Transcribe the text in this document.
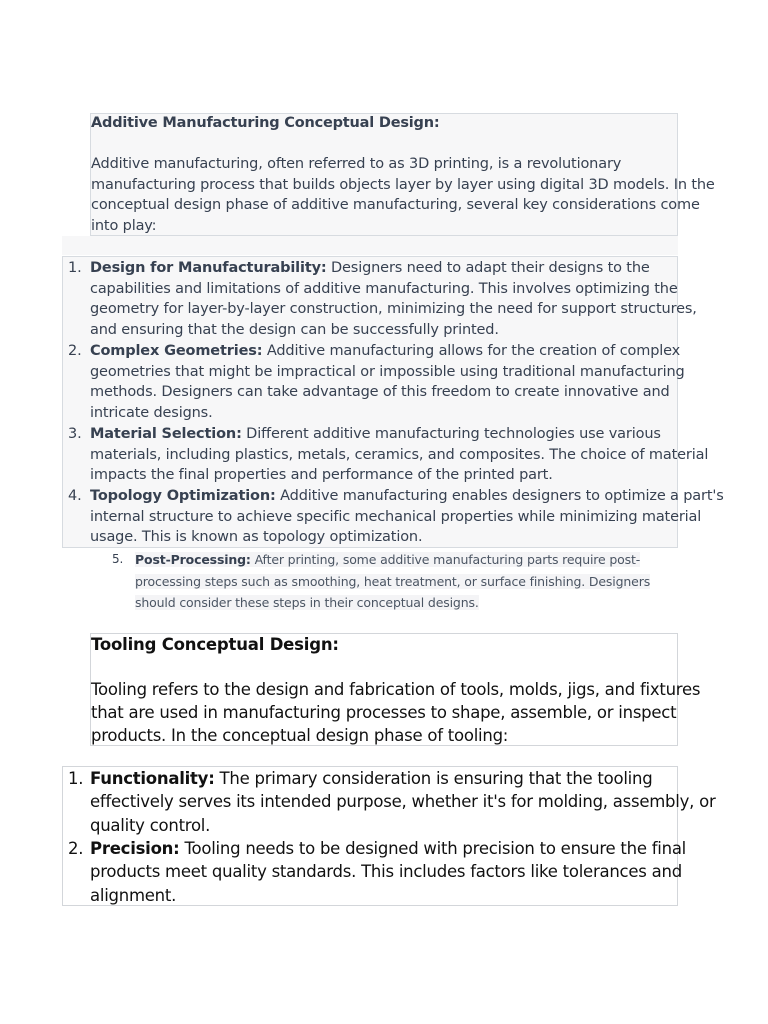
Additive Manufacturing Conceptual Design:
Additive manufacturing, often referred to as 3D printing, is a revolutionary
manufacturing process that builds objects layer by layer using digital 3D models. In the
conceptual design phase of additive manufacturing, several key considerations come
into play:
1. Design for Manufacturability: Designers need to adapt their designs to the
capabilities and limitations of additive manufacturing. This involves optimizing the
geometry for layer-by-layer construction, minimizing the need for support structures,
and ensuring that the design can be successfully printed.
2. Complex Geometries: Additive manufacturing allows for the creation of complex
geometries that might be impractical or impossible using traditional manufacturing
methods. Designers can take advantage of this freedom to create innovative and
intricate designs.
3. Material Selection: Different additive manufacturing technologies use various
materials, including plastics, metals, ceramics, and composites. The choice of material
impacts the final properties and performance of the printed part.
4. Topology Optimization: Additive manufacturing enables designers to optimize a part's
internal structure to achieve specific mechanical properties while minimizing material
usage. This is known as topology optimization.
5. Post-Processing: After printing, some additive manufacturing parts require post-
processing steps such as smoothing, heat treatment, or surface finishing. Designers
should consider these steps in their conceptual designs.
Tooling Conceptual Design:
Tooling refers to the design and fabrication of tools, molds, jigs, and fixtures
that are used in manufacturing processes to shape, assemble, or inspect
products. In the conceptual design phase of tooling:
1. Functionality: The primary consideration is ensuring that the tooling
effectively serves its intended purpose, whether it's for molding, assembly, or
quality control.
2. Precision: Tooling needs to be designed with precision to ensure the final
products meet quality standards. This includes factors like tolerances and
alignment.
